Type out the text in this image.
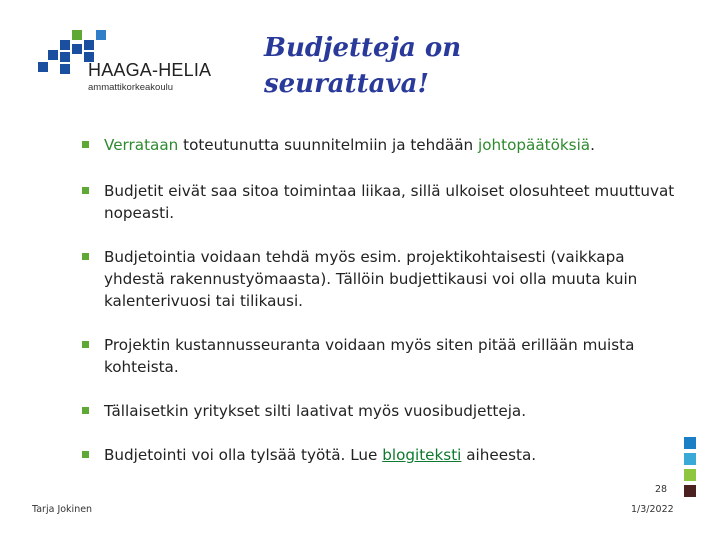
HAAGA-HELIA
ammattikorkeakoulu
Budjetteja on
seurattava!
Verrataan toteutunutta suunnitelmiin ja tehdään johtopäätöksiä.
Budjetit eivät saa sitoa toimintaa liikaa, sillä ulkoiset olosuhteet muuttuvat nopeasti.
Budjetointia voidaan tehdä myös esim. projektikohtaisesti (vaikkapa yhdestä rakennustyömaasta). Tällöin budjettikausi voi olla muuta kuin kalenterivuosi tai tilikausi.
Projektin kustannusseuranta voidaan myös siten pitää erillään muista kohteista.
Tällaisetkin yritykset silti laativat myös vuosibudjetteja.
Budjetointi voi olla tylsää työtä. Lue blogiteksti aiheesta.
28
Tarja Jokinen	1/3/2022
